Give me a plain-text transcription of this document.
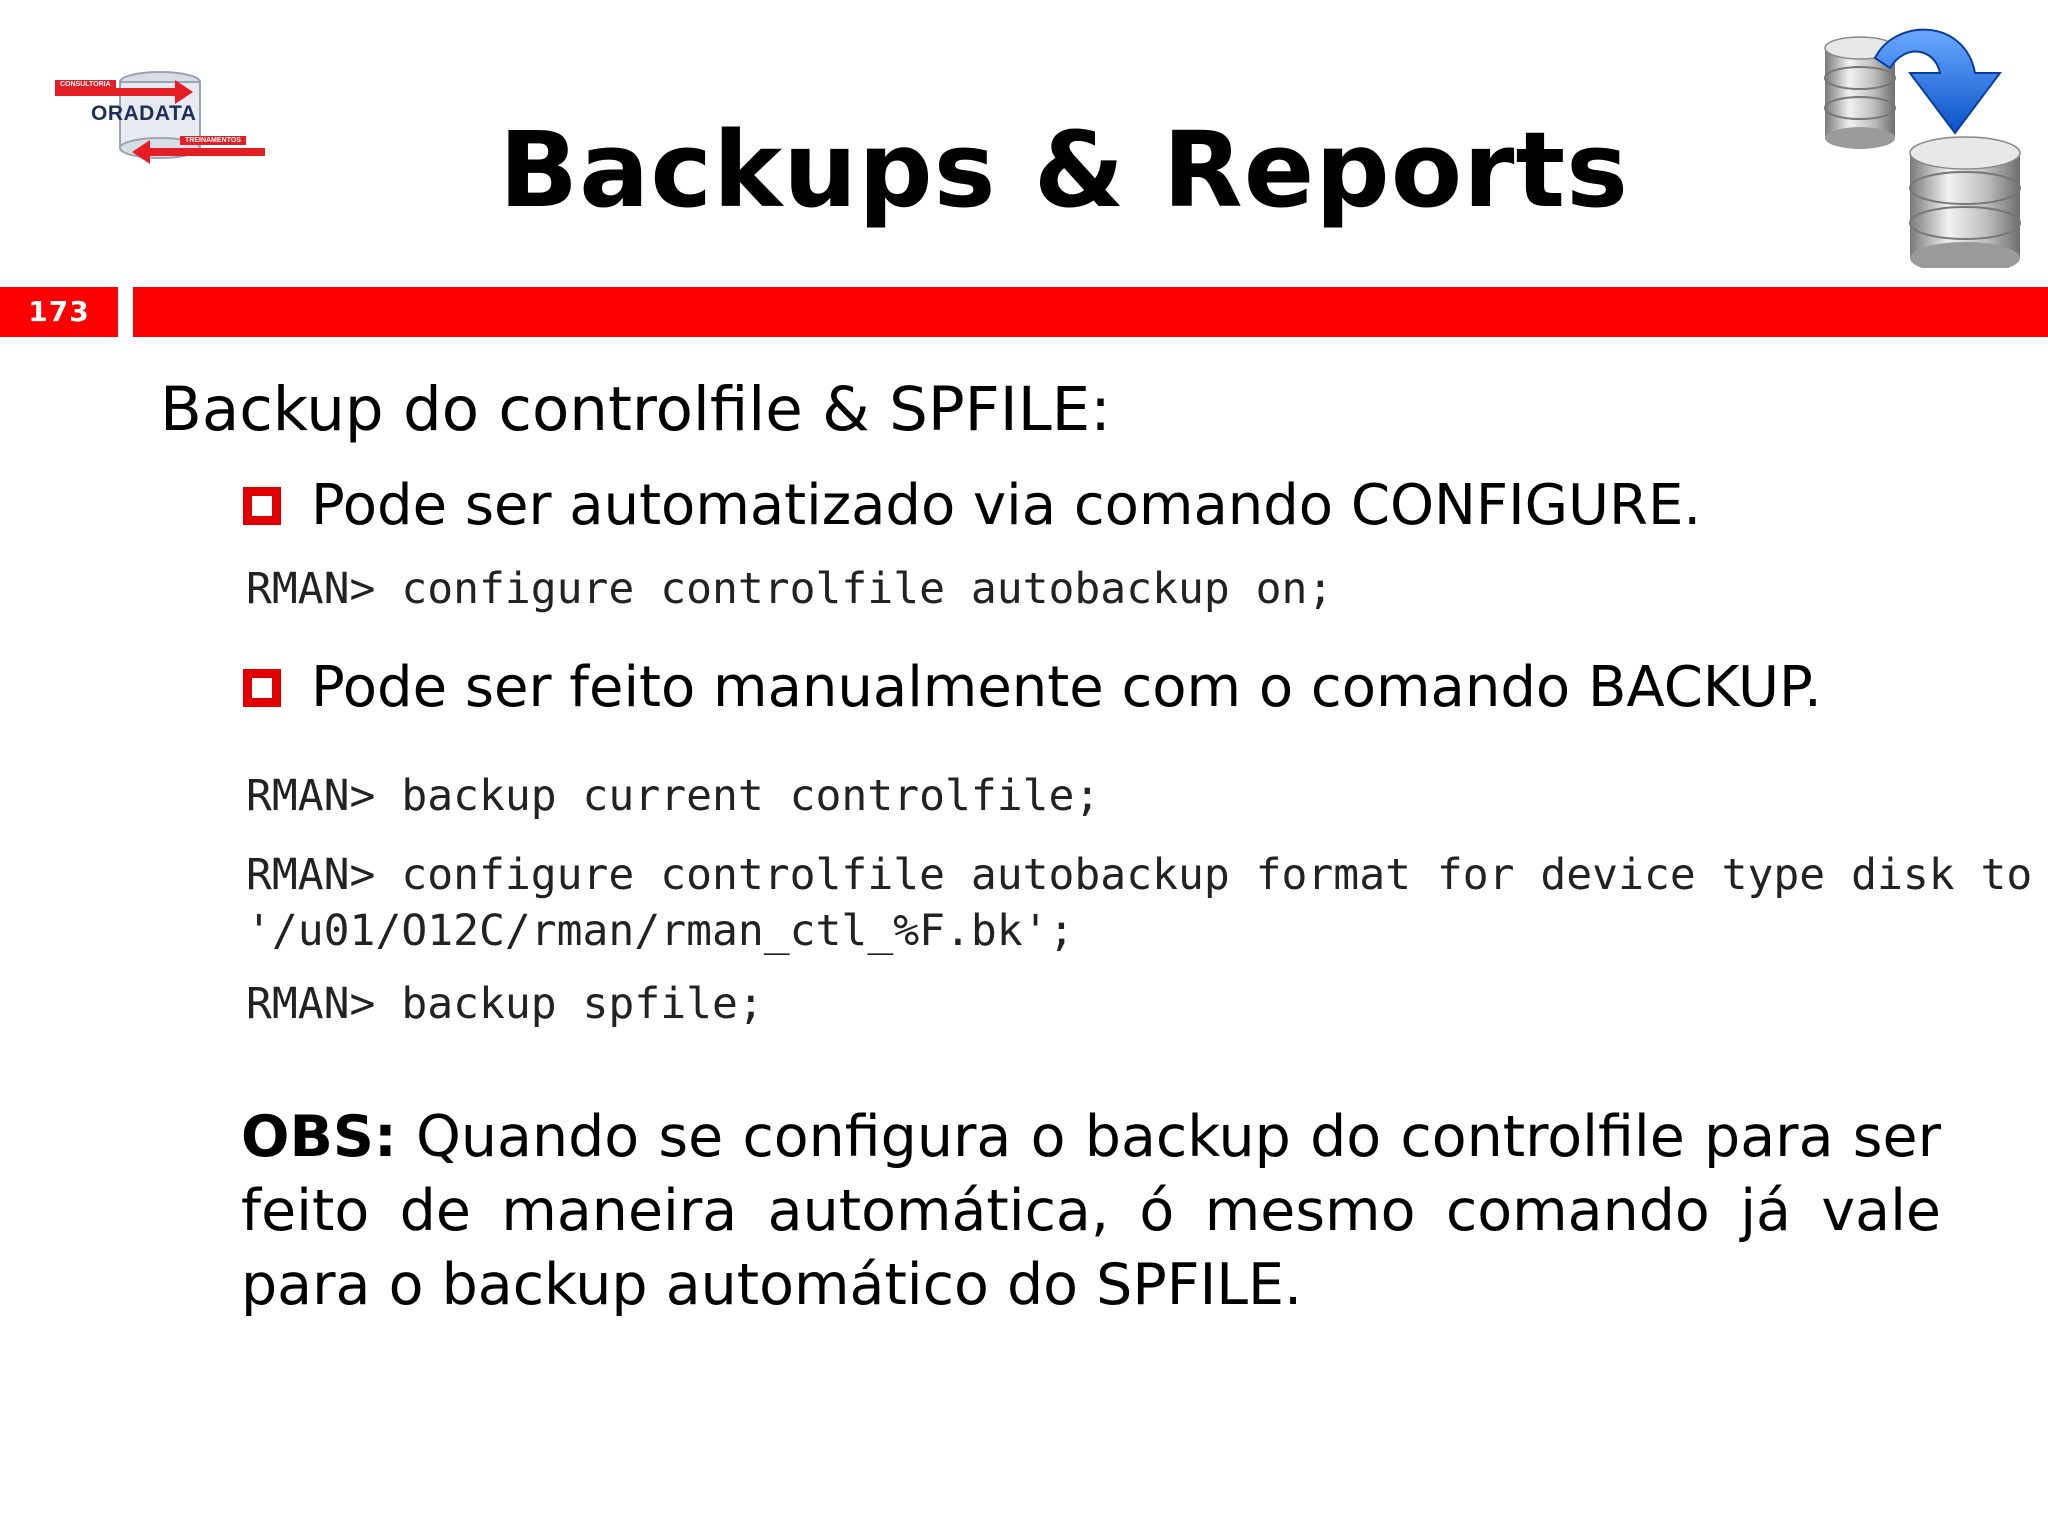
CONSULTORIA
ORADATA
TREINAMENTOS	Backups & Reports
173
Backup do controlfile & SPFILE:
Pode ser automatizado via comando CONFIGURE.
RMAN> configure controlfile autobackup on;
Pode ser feito manualmente com o comando BACKUP.
RMAN> backup current controlfile;
RMAN> configure controlfile autobackup format for device type disk to
'/u01/O12C/rman/rman_ctl_%F.bk';
RMAN> backup spfile;
OBS: Quando se configura o backup do controlfile para ser feito de maneira automática, ó mesmo comando já vale para o backup automático do SPFILE.
